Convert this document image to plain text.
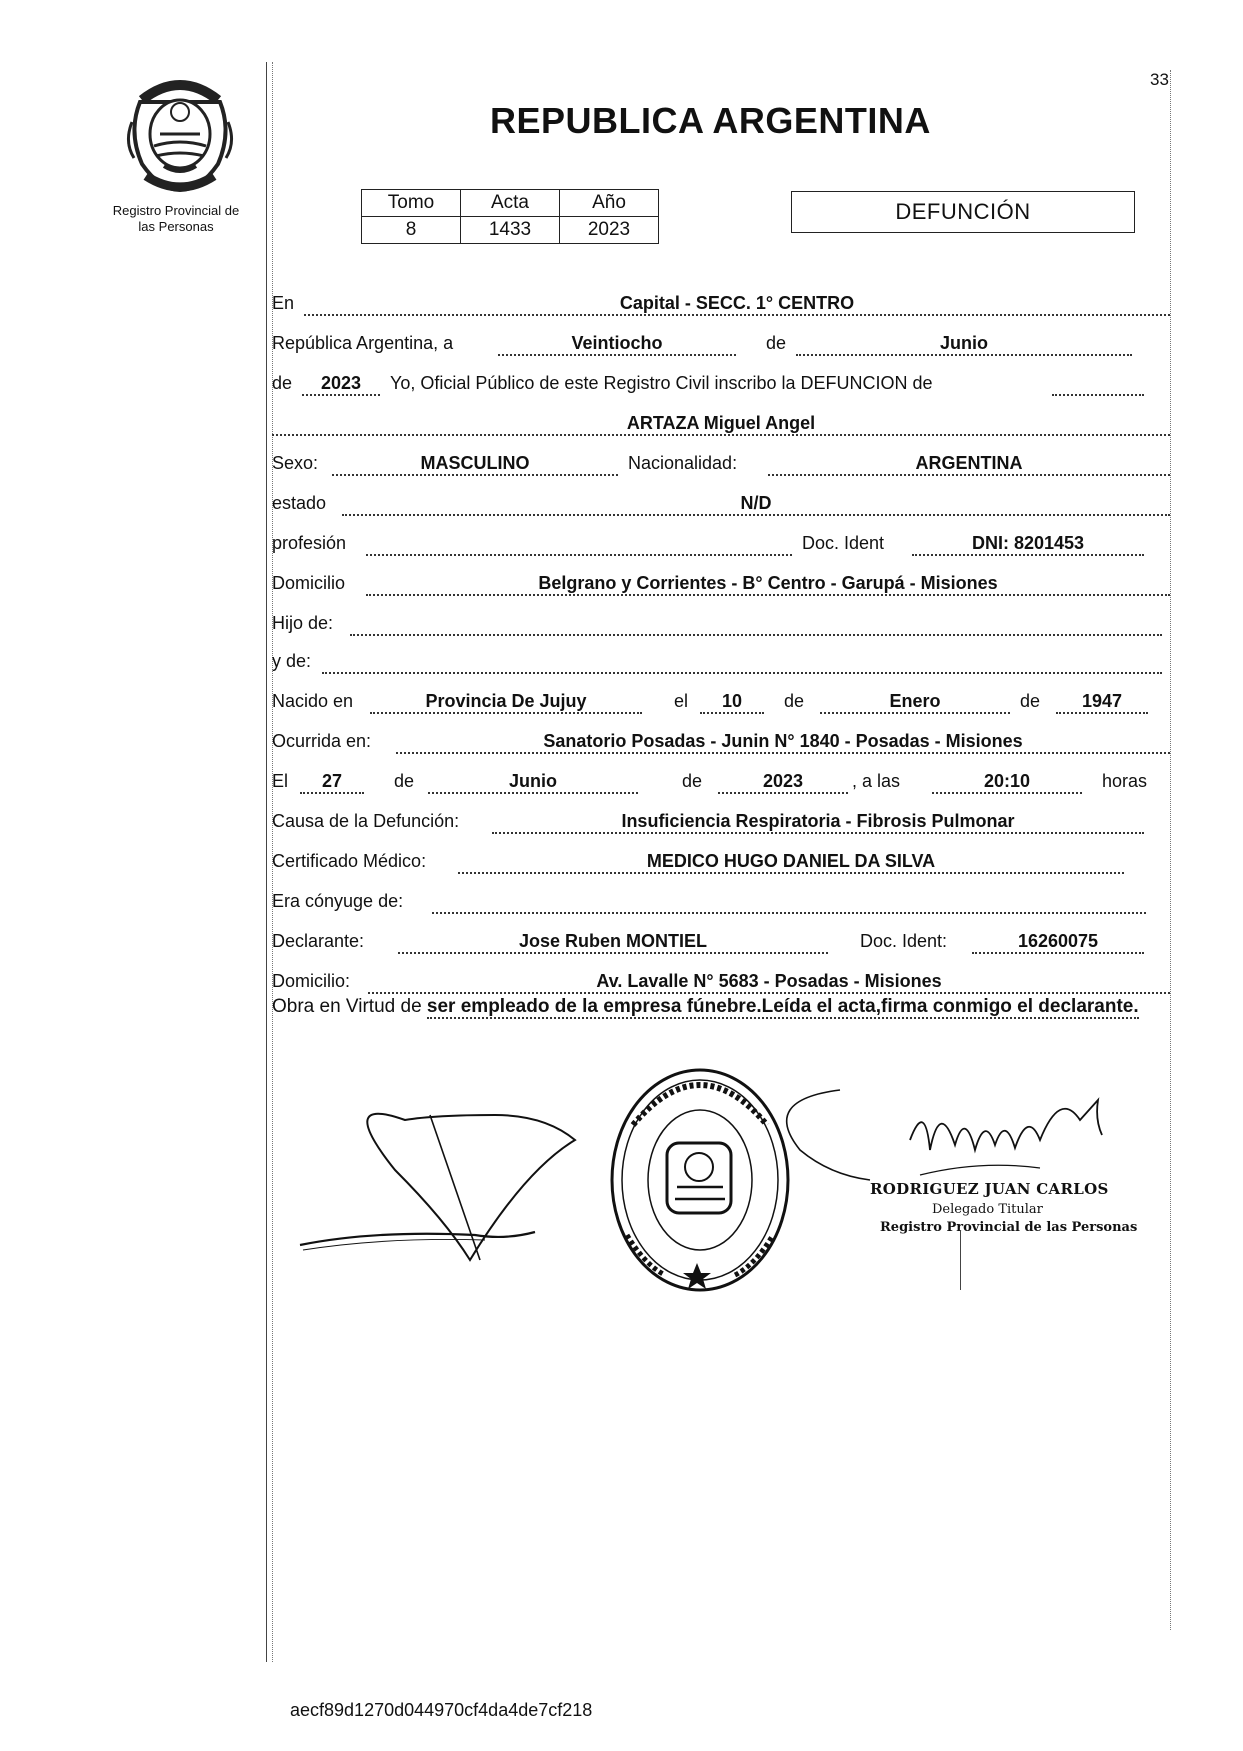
33
Registro Provincial de
las Personas
REPUBLICA ARGENTINA
Tomo	Acta	Año
8	1433	2023
DEFUNCIÓN
En	Capital - SECC. 1° CENTRO
República Argentina, a	Veintiocho	de	Junio
de	2023	Yo, Oficial Público de este Registro Civil inscribo la DEFUNCION de
ARTAZA Miguel Angel
Sexo:	MASCULINO	Nacionalidad:	ARGENTINA
estado	N/D
profesión	Doc. Ident	DNI: 8201453
Domicilio	Belgrano y Corrientes - B° Centro - Garupá - Misiones
Hijo de:
y de:
Nacido en	Provincia De Jujuy	el	10	de	Enero	de	1947
Ocurrida en:	Sanatorio Posadas - Junin N° 1840 - Posadas - Misiones
El	27	de	Junio	de	2023	, a las	20:10	horas
Causa de la Defunción:	Insuficiencia Respiratoria - Fibrosis Pulmonar
Certificado Médico:	MEDICO HUGO DANIEL DA SILVA
Era cónyuge de:
Declarante:	Jose Ruben MONTIEL	Doc. Ident:	16260075
Domicilio:	Av. Lavalle N° 5683 - Posadas - Misiones
Obra en Virtud de ser empleado de la empresa fúnebre.Leída el acta,firma conmigo el declarante.
RODRIGUEZ JUAN CARLOS
Delegado Titular
Registro Provincial de las Personas
aecf89d1270d044970cf4da4de7cf218
